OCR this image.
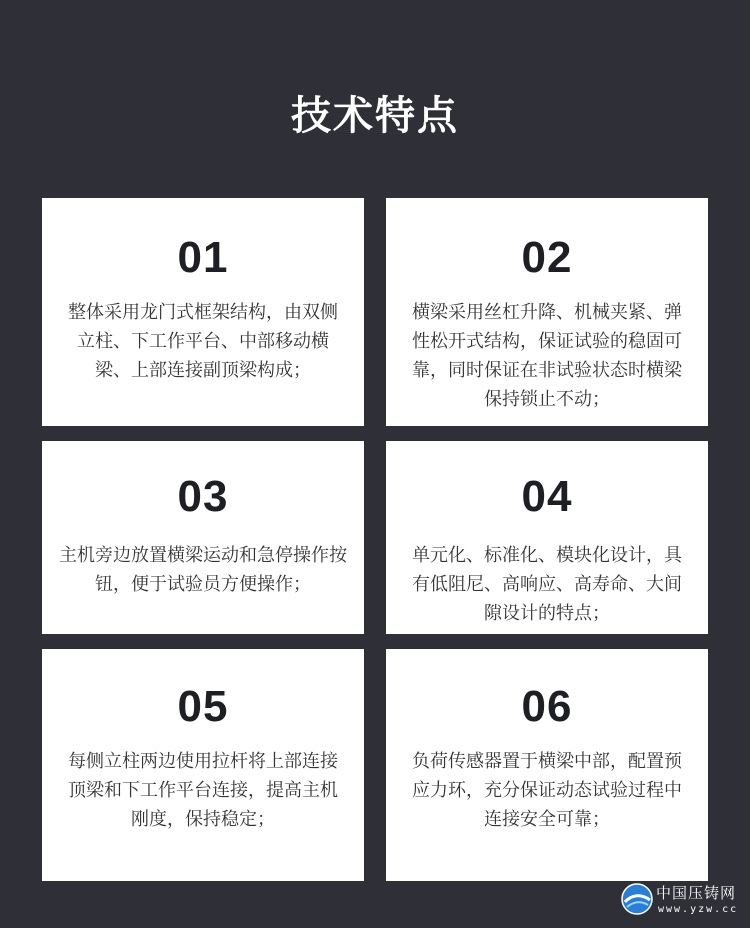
技术特点
01
整体采用龙门式框架结构，由双侧立柱、下工作平台、中部移动横梁、上部连接副顶梁构成；
02
横梁采用丝杠升降、机械夹紧、弹性松开式结构，保证试验的稳固可靠，同时保证在非试验状态时横梁保持锁止不动；
03
主机旁边放置横梁运动和急停操作按钮，便于试验员方便操作；
04
单元化、标准化、模块化设计，具有低阻尼、高响应、高寿命、大间隙设计的特点；
05
每侧立柱两边使用拉杆将上部连接顶梁和下工作平台连接，提高主机刚度，保持稳定；
06
负荷传感器置于横梁中部，配置预应力环，充分保证动态试验过程中连接安全可靠；
中国压铸网
www.yzw.cc
